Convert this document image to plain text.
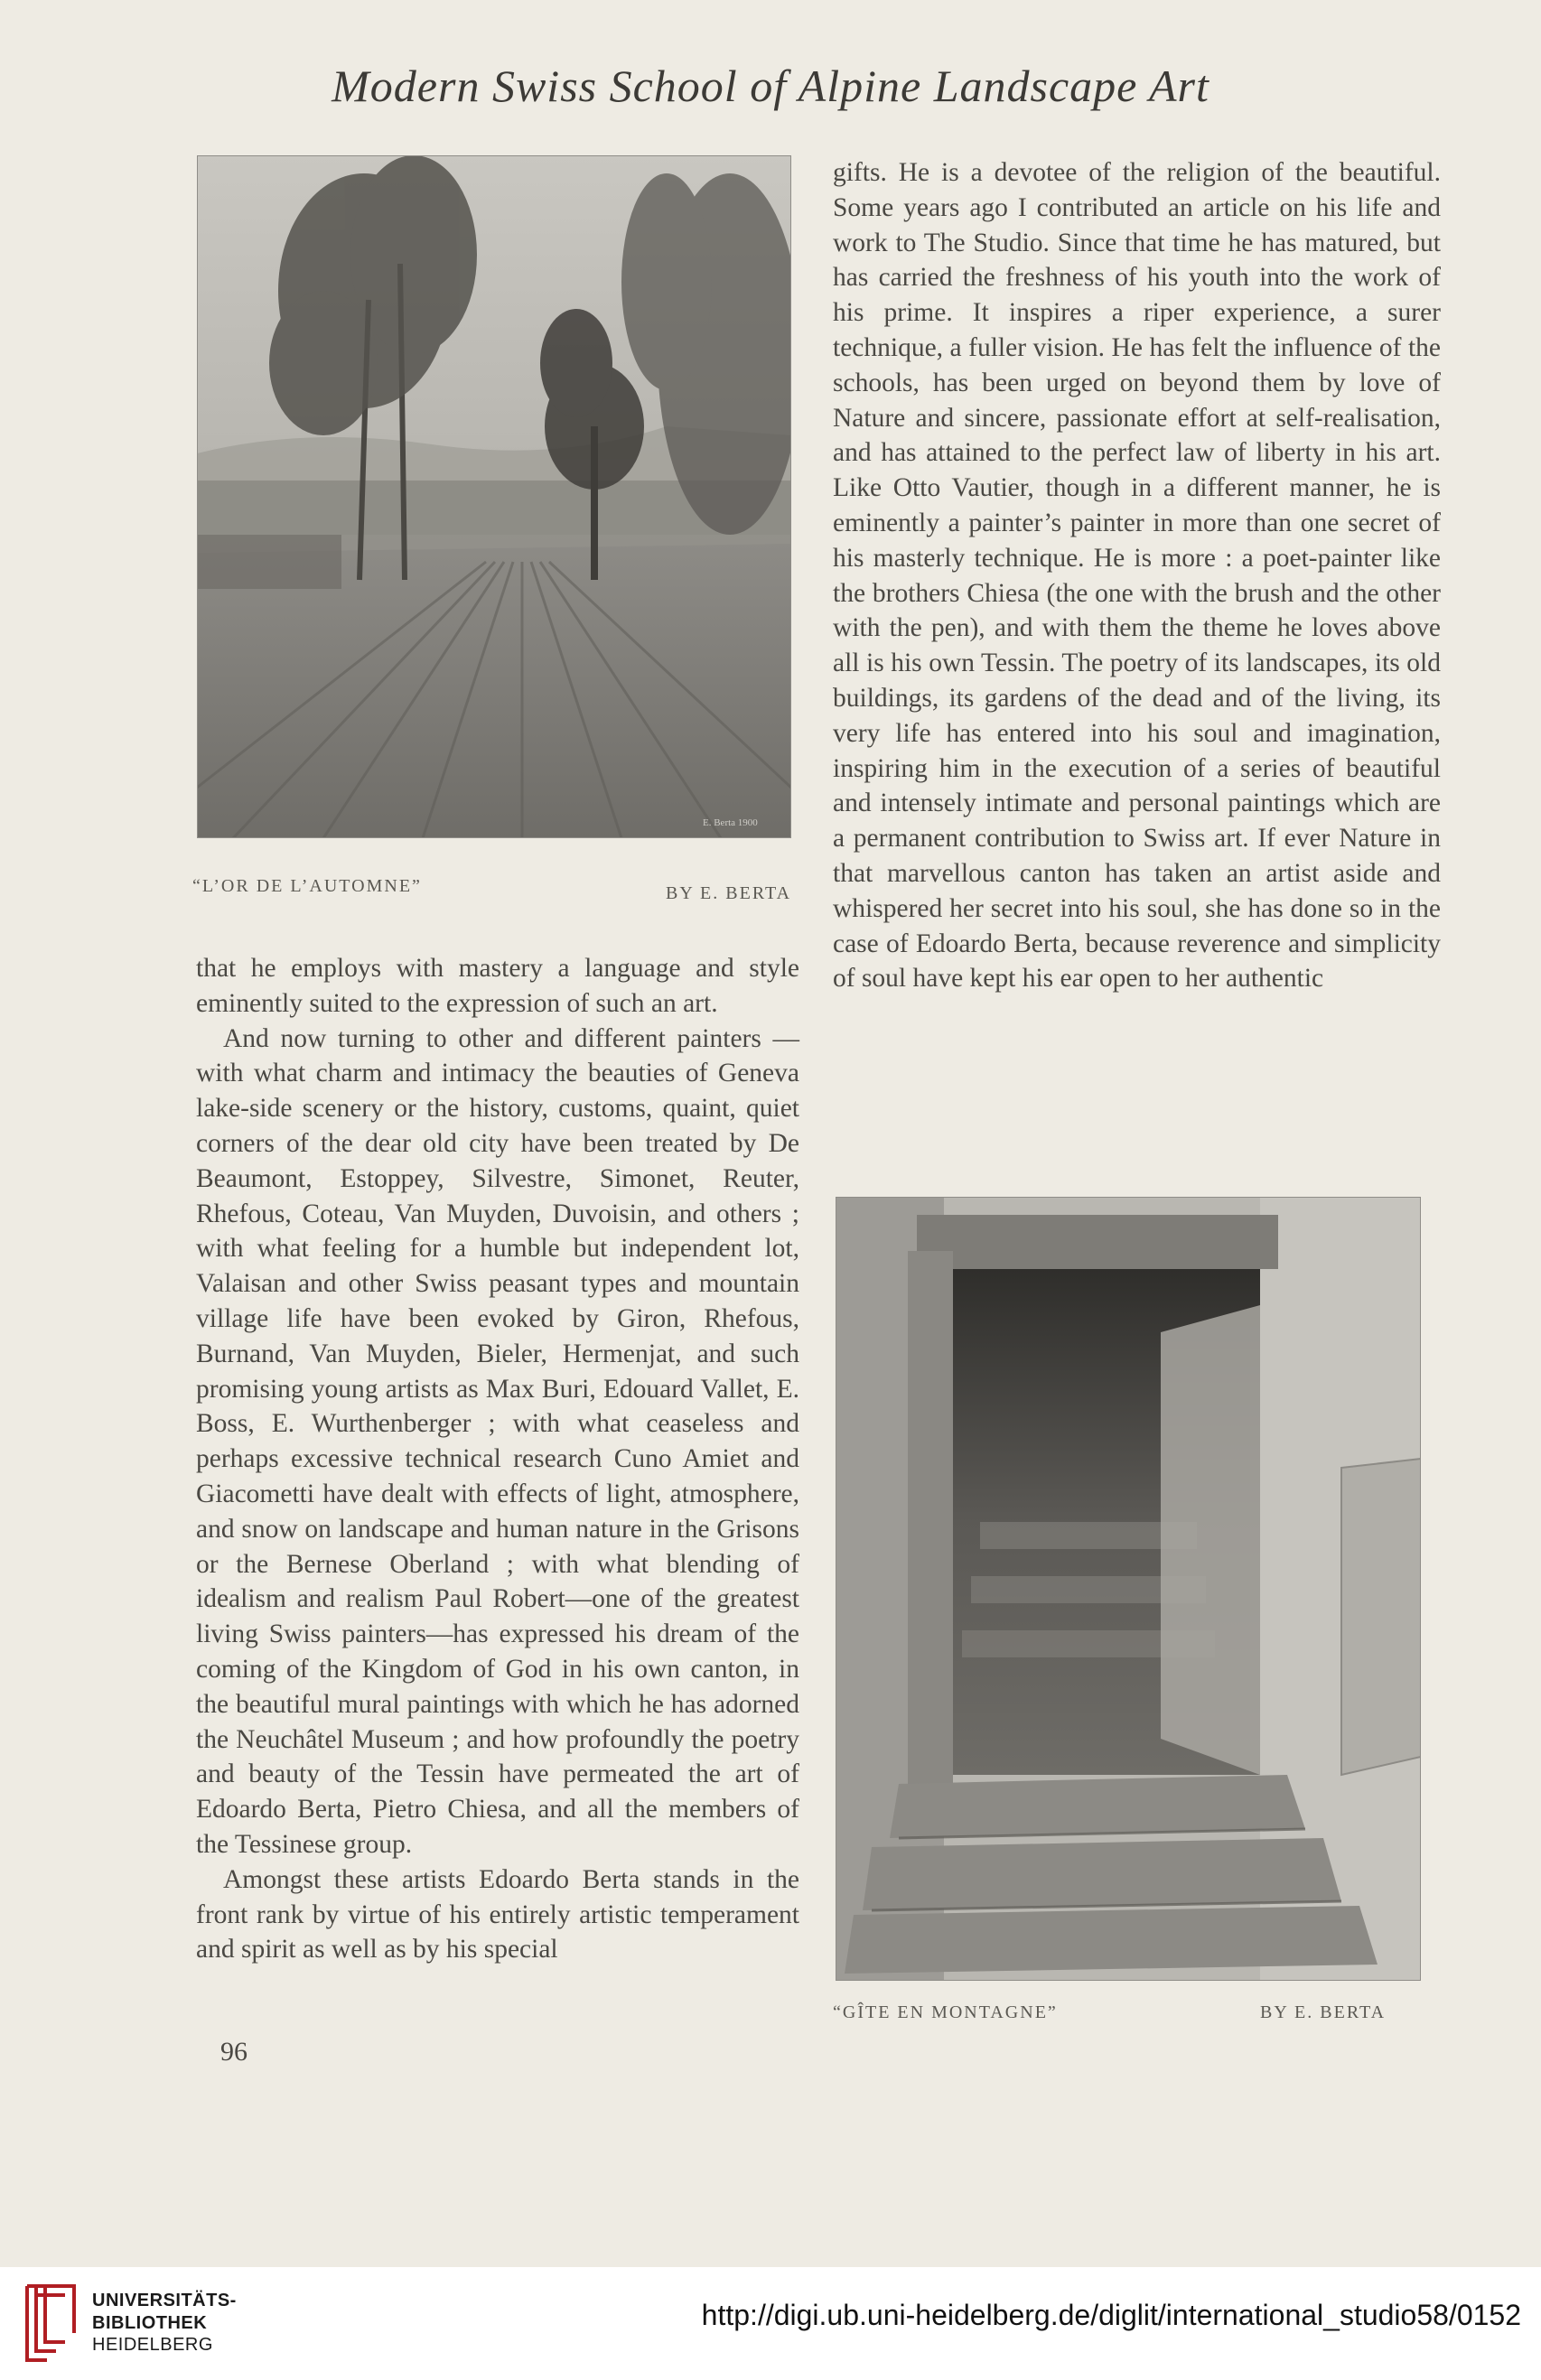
Modern Swiss School of Alpine Landscape Art
E. Berta 1900
“L’OR DE L’AUTOMNE”	BY E. BERTA

that he employs with mastery a language and style eminently suited to the expression of such an art.

And now turning to other and different painters —with what charm and intimacy the beauties of Geneva lake-side scenery or the history, customs, quaint, quiet corners of the dear old city have been treated by De Beaumont, Estoppey, Silvestre, Simonet, Reuter, Rhefous, Coteau, Van Muyden, Duvoisin, and others ; with what feeling for a humble but independent lot, Valaisan and other Swiss peasant types and mountain village life have been evoked by Giron, Rhefous, Burnand, Van Muyden, Bieler, Hermenjat, and such promising young artists as Max Buri, Edouard Vallet, E. Boss, E. Wurthenberger ; with what ceaseless and perhaps excessive technical research Cuno Amiet and Giacometti have dealt with effects of light, atmosphere, and snow on landscape and human nature in the Grisons or the Bernese Oberland ; with what blending of idealism and realism Paul Robert—one of the greatest living Swiss painters—has expressed his dream of the coming of the Kingdom of God in his own canton, in the beautiful mural paintings with which he has adorned the Neuchâtel Museum ; and how profoundly the poetry and beauty of the Tessin have permeated the art of Edoardo Berta, Pietro Chiesa, and all the members of the Tessinese group.

Amongst these artists Edoardo Berta stands in the front rank by virtue of his entirely artistic temperament and spirit as well as by his special

96

gifts. He is a devotee of the religion of the beautiful. Some years ago I contributed an article on his life and work to The Studio. Since that time he has matured, but has carried the freshness of his youth into the work of his prime. It inspires a riper experience, a surer technique, a fuller vision. He has felt the influence of the schools, has been urged on beyond them by love of Nature and sincere, passionate effort at self-realisation, and has attained to the perfect law of liberty in his art. Like Otto Vautier, though in a different manner, he is eminently a painter’s painter in more than one secret of his masterly technique. He is more : a poet-painter like the brothers Chiesa (the one with the brush and the other with the pen), and with them the theme he loves above all is his own Tessin. The poetry of its landscapes, its old buildings, its gardens of the dead and of the living, its very life has entered into his soul and imagination, inspiring him in the execution of a series of beautiful and intensely intimate and personal paintings which are a permanent contribution to Swiss art. If ever Nature in that marvellous canton has taken an artist aside and whispered her secret into his soul, she has done so in the case of Edoardo Berta, because reverence and simplicity of soul have kept his ear open to her authentic

“GÎTE EN MONTAGNE”	BY E. BERTA
UNIVERSITÄTS-
BIBLIOTHEK
HEIDELBERG
http://digi.ub.uni-heidelberg.de/diglit/international_studio58/0152
